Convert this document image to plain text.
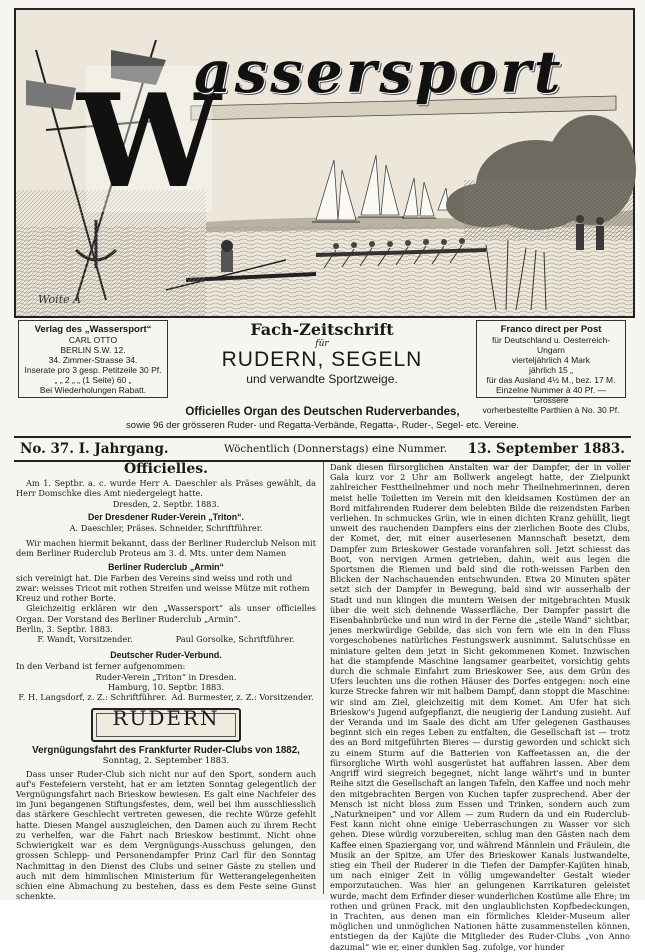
W
assersport
Woite A
Verlag des „Wassersport“
CARL OTTO
BERLIN S.W. 12.
34. Zimmer-Strasse 34.
Inserate pro 3 gesp. Petitzeile 30 Pf.
„ „ 2 „ „ (1 Seite) 60 „
Bei Wiederholungen Rabatt.
Fach-Zeitschrift
für
RUDERN, SEGELN
und verwandte Sportzweige.
Franco direct per Post
für Deutschland u. Oesterreich-Ungarn
vierteljährlich 4 Mark
jährlich 15 „
für das Ausland 4½ M., bez. 17 M.
Einzelne Nummer à 40 Pf. — Grössere
vorherbestellte Parthien à No. 30 Pf.
Officielles Organ des Deutschen Ruderverbandes,
sowie 96 der grösseren Ruder- und Regatta-Verbände, Regatta-, Ruder-, Segel- etc. Vereine.
No. 37. I. Jahrgang.	Wöchentlich (Donnerstags) eine Nummer. 13. September 1883.
Officielles.

Am 1. Septbr. a. c. wurde Herr A. Daeschler als Präses gewählt, da Herr Domschke dies Amt niedergelegt hatte.

Dresden, 2. Septbr. 1883.

Der Dresdener Ruder-Verein „Triton“.

A. Daeschler, Präses. Schneider, Schriftführer.

Wir machen hiermit bekannt, dass der Berliner Ruderclub Nelson mit dem Berliner Ruderclub Proteus am 3. d. Mts. unter dem Namen

Berliner Ruderclub „Armin“

sich vereinigt hat. Die Farben des Vereins sind weiss und roth und zwar: weisses Tricot mit rothen Streifen und weisse Mütze mit rothem Kreuz und rother Borte.

Gleichzeitig erklären wir den „Wassersport“ als unser officielles Organ. Der Vorstand des Berliner Ruderclub „Armin“.

Berlin, 3. Septbr. 1883.

F. Wandt, Vorsitzender.	Paul Gorsolke, Schriftführer.
Deutscher Ruder-Verbund.

In den Verband ist ferner aufgenommen:

Ruder-Verein „Triton“ in Dresden.

Hamburg, 10. Septbr. 1883.

F. H. Langsdorf, z. Z.: Schriftführer. Ad. Burmester, z. Z.: Vorsitzender.
RUDERN
Vergnügungsfahrt des Frankfurter Ruder-Clubs von 1882,
Sonntag, 2. September 1883.

Dass unser Ruder-Club sich nicht nur auf den Sport, sondern auch auf's Festefeiern versteht, hat er am letzten Sonntag gelegentlich der Vergnügungsfahrt nach Brieskow bewiesen. Es galt eine Nachfeier des im Juni begangenen Stiftungsfestes, dem, weil bei ihm ausschliesslich das stärkere Geschlecht vertreten gewesen, die rechte Würze gefehlt hatte. Diesen Mangel auszugleichen, den Damen auch zu ihrem Recht zu verhelfen, war die Fahrt nach Brieskow bestimmt. Nicht ohne Schwierigkeit war es dem Vergnügungs-Ausschuss gelungen, den grossen Schlepp- und Personendampfer Prinz Carl für den Sonntag Nachmittag in den Dienst des Clubs und seiner Gäste zu stellen und auch mit dem himmlischen Ministerium für Wetterangelegenheiten schien eine Abmachung zu bestehen, dass es dem Feste seine Gunst schenkte.

Dank diesen fürsorglichen Anstalten war der Dampfer, der in voller Gala kurz vor 2 Uhr am Bollwerk angelegt hatte, der Zielpunkt zahlreicher Festtheilnehmer und noch mehr Theilnehmerinnen, deren meist helle Toiletten im Verein mit den kleidsamen Kostümen der an Bord mitfahrenden Ruderer dem belebten Bilde die reizendsten Farben verliehen. In schmuckes Grün, wie in einen dichten Kranz gehüllt, liegt unweit des rauchenden Dampfers eins der zierlichen Boote des Clubs, der Komet, der, mit einer auserlesenen Mannschaft besetzt, dem Dampfer zum Brieskower Gestade voranfahren soll. Jetzt schiesst das Boot, von nervigen Armen getrieben, dahin, weit aus legen die Sportsmen die Riemen und bald sind die roth-weissen Farben den Blicken der Nachschauenden entschwunden. Etwa 20 Minuten später setzt sich der Dampfer in Bewegung, bald sind wir ausserhalb der Stadt und nun klingen die muntern Weisen der mitgebrachten Musik über die weit sich dehnende Wasserfläche. Der Dampfer passirt die Eisenbahnbrücke und nun wird in der Ferne die „steile Wand“ sichtbar, jenes merkwürdige Gebilde, das sich von fern wie ein in den Fluss vorgeschobenes natürliches Festungswerk ausnimmt. Salutschüsse en miniature gelten dem jetzt in Sicht gekommenen Komet. Inzwischen hat die stampfende Maschine langsamer gearbeitet, vorsichtig gehts durch die schmale Einfahrt zum Brieskower See, aus dem Grün des Ufers leuchten uns die rothen Häuser des Dorfes entgegen: noch eine kurze Strecke fahren wir mit halbem Dampf, dann stoppt die Maschine: wir sind am Ziel, gleichzeitig mit dem Komet. Am Ufer hat sich Brieskow's Jugend aufgepflanzt, die neugierig der Landung zusieht. Auf der Veranda und im Saale des dicht am Ufer gelegenen Gasthauses beginnt sich ein reges Leben zu entfalten, die Gesellschaft ist — trotz des an Bord mitgeführten Bieres — durstig geworden und schickt sich zu einem Sturm auf die Batterien von Kaffeetassen an, die der fürsorgliche Wirth wohl ausgerüstet hat auffahren lassen. Aber dem Angriff wird siegreich begegnet, nicht lange währt's und in bunter Reihe sitzt die Gesellschaft an langen Tafeln, den Kaffee und noch mehr den mitgebrachten Bergen von Kuchen tapfer zusprechend. Aber der Mensch ist nicht bloss zum Essen und Trinken, sondern auch zum „Naturkneipen“ und vor Allem — zum Rudern da und ein Ruderclub-Fest kann nicht ohne einige Ueberraschungen zu Wasser vor sich gehen. Diese würdig vorzubereiten, schlug man den Gästen nach dem Kaffee einen Spaziergang vor, und während Männlein und Fräulein, die Musik an der Spitze, am Ufer des Brieskower Kanals lustwandelte, stieg ein Theil der Ruderer in die Tiefen der Dampfer-Kajüten hinab, um nach einiger Zeit in völlig umgewandelter Gestalt wieder emporzutauchen. Was hier an gelungenen Karrikaturen geleistet wurde, macht dem Erfinder dieser wunderlichen Kostüme alle Ehre; im rothen und grünen Frack, mit den unglaublichsten Kopfbedeckungen, in Trachten, aus denen man ein förmliches Kleider-Museum aller möglichen und unmöglichen Nationen hätte zusammenstellen können, entstiegen da der Kajüte die Mitglieder des Ruder-Clubs „von Anno dazumal“ wie er, einer dunklen Sag. zufolge, vor hunder
